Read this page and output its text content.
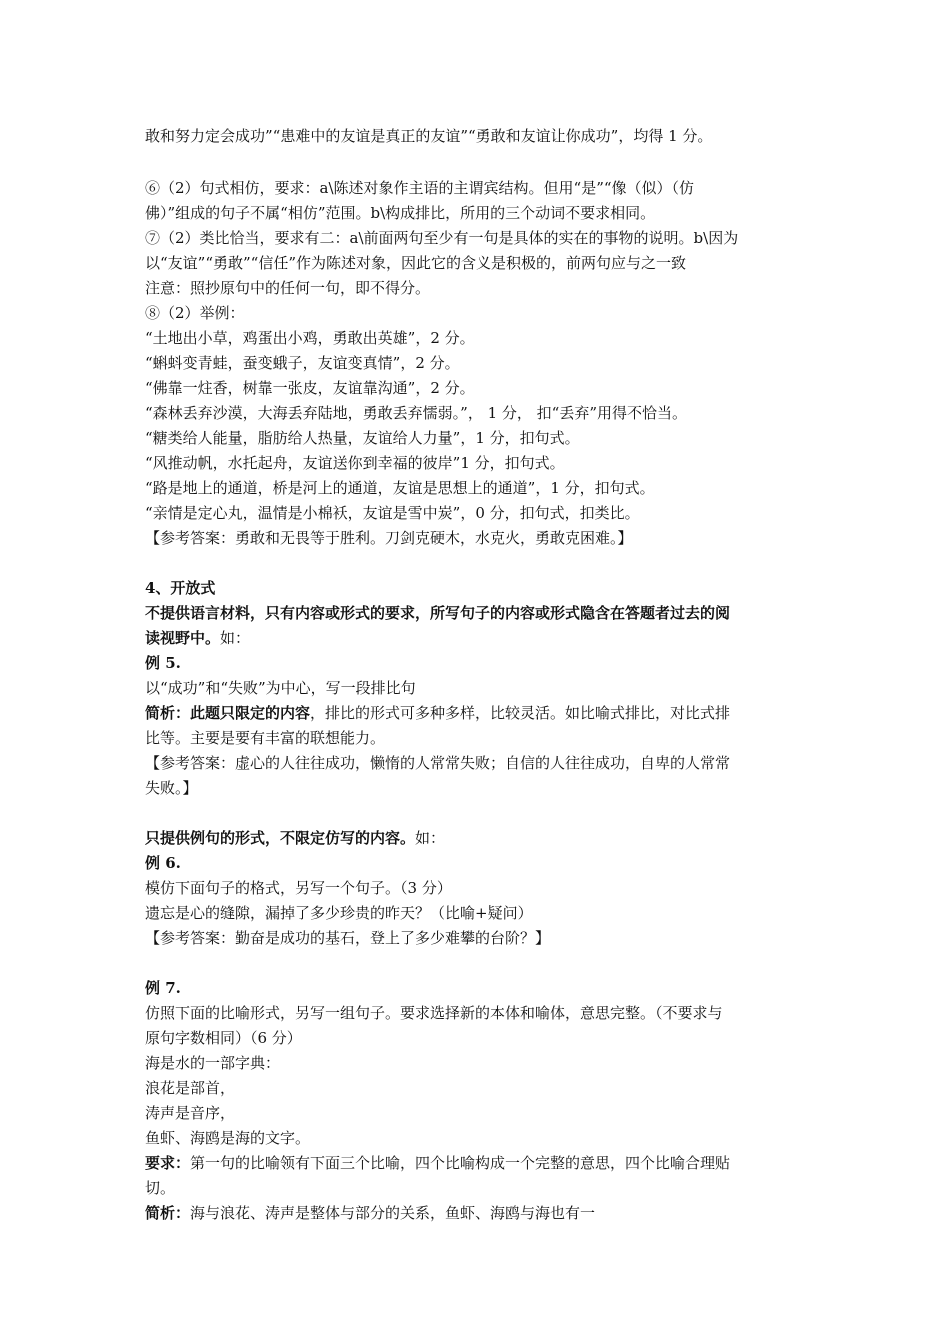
敢和努力定会成功”“患难中的友谊是真正的友谊”“勇敢和友谊让你成功”，均得 1 分。
⑥（2）句式相仿，要求：a\陈述对象作主语的主谓宾结构。但用“是”“像（似）（仿
佛）”组成的句子不属“相仿”范围。b\构成排比，所用的三个动词不要求相同。
⑦（2）类比恰当，要求有二：a\前面两句至少有一句是具体的实在的事物的说明。b\因为
以“友谊”“勇敢”“信任”作为陈述对象，因此它的含义是积极的，前两句应与之一致
注意：照抄原句中的任何一句，即不得分。
⑧（2）举例：
“土地出小草，鸡蛋出小鸡，勇敢出英雄”，2 分。
“蝌蚪变青蛙，蚕变蛾子，友谊变真情”，2 分。
“佛靠一炷香，树靠一张皮，友谊靠沟通”，2 分。
“森林丢弃沙漠，大海丢弃陆地，勇敢丢弃懦弱。”， 1 分， 扣“丢弃”用得不恰当。
“糖类给人能量，脂肪给人热量，友谊给人力量”，1 分，扣句式。
“风推动帆，水托起舟，友谊送你到幸福的彼岸”1 分，扣句式。
“路是地上的通道，桥是河上的通道，友谊是思想上的通道”，1 分，扣句式。
“亲情是定心丸，温情是小棉袄，友谊是雪中炭”，0 分，扣句式，扣类比。
【参考答案：勇敢和无畏等于胜利。刀剑克硬木，水克火，勇敢克困难。】
4、开放式
不提供语言材料，只有内容或形式的要求，所写句子的内容或形式隐含在答题者过去的阅
读视野中。如：
例 5.
以“成功”和“失败”为中心，写一段排比句
简析：此题只限定的内容，排比的形式可多种多样，比较灵活。如比喻式排比，对比式排
比等。主要是要有丰富的联想能力。
【参考答案：虚心的人往往成功，懒惰的人常常失败；自信的人往往成功，自卑的人常常
失败。】
只提供例句的形式，不限定仿写的内容。如：
例 6.
模仿下面句子的格式，另写一个句子。（3 分）
遗忘是心的缝隙，漏掉了多少珍贵的昨天？（比喻+疑问）
【参考答案：勤奋是成功的基石，登上了多少难攀的台阶？】
例 7.
仿照下面的比喻形式，另写一组句子。要求选择新的本体和喻体，意思完整。（不要求与
原句字数相同）（6 分）
海是水的一部字典：
浪花是部首，
涛声是音序，
鱼虾、海鸥是海的文字。
要求：第一句的比喻领有下面三个比喻，四个比喻构成一个完整的意思，四个比喻合理贴
切。
简析：海与浪花、涛声是整体与部分的关系，鱼虾、海鸥与海也有一
